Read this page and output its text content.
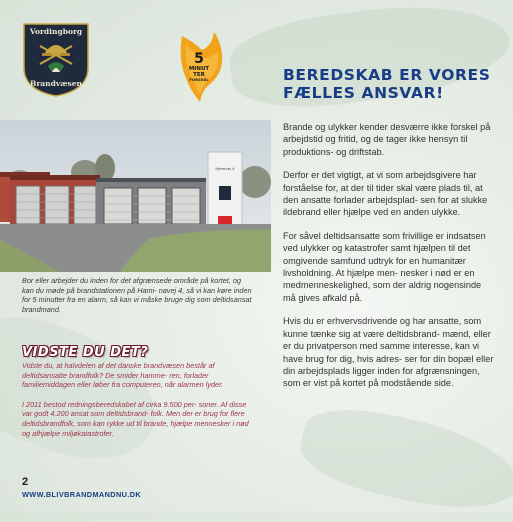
Vordingborg
Brandvæsen
5
MINUT
TER
FORSKEL	BEREDSKAB ER VORES
FÆLLES ANSVAR!

Brande og ulykker kender desværre ikke forskel på arbejdstid og fritid, og de tager ikke hensyn til produktions- og driftstab.

Derfor er det vigtigt, at vi som arbejdsgivere har forståelse for, at der til tider skal være plads til, at den ansatte forlader arbejdsplad- sen for at slukke ildebrand eller hjælpe ved en anden ulykke.

For såvel deltidsansatte som frivillige er indsatsen ved ulykker og katastrofer samt hjælpen til det omgivende samfund udtryk for en humanitær livsholdning. At hjælpe men- nesker i nød er en medmenneskelighed, som der aldrig nogensinde må gives afkald på.

Hvis du er erhvervsdrivende og har ansatte, som kunne tænke sig at være deltidsbrand- mænd, eller er du privatperson med samme interesse, kan vi have brug for dig, hvis adres- ser for din bopæl eller din arbejdsplads ligger inden for afgrænsningen, som er vist på kortet på modstående side.

Hjemvej 4

Bor eller arbejder du inden for det afgrænsede område på kortet, og kan du møde på brandstationen på Hami- navej 4, så vi kan køre inden for 5 minutter fra en alarm, så kan vi måske bruge dig som deltidsansat brandmand.

VIDSTE DU DET?

Vidste du, at halvdelen af det danske brandvæsen består af deltidsansatte brandfolk? De smider hamme- ren, forlader familiemiddagen eller løber fra computeren, når alarmen lyder.

I 2011 bestod redningsberedskabet af cirka 9.500 per- soner. Af disse var godt 4.200 ansat som deltidsbrand- folk. Men der er brug for flere deltidsbrandfolk, som kan rykke ud til brande, hjælpe mennesker i nød og afhjælpe miljøkatastrofer.

2
WWW.BLIVBRANDMANDNU.DK
